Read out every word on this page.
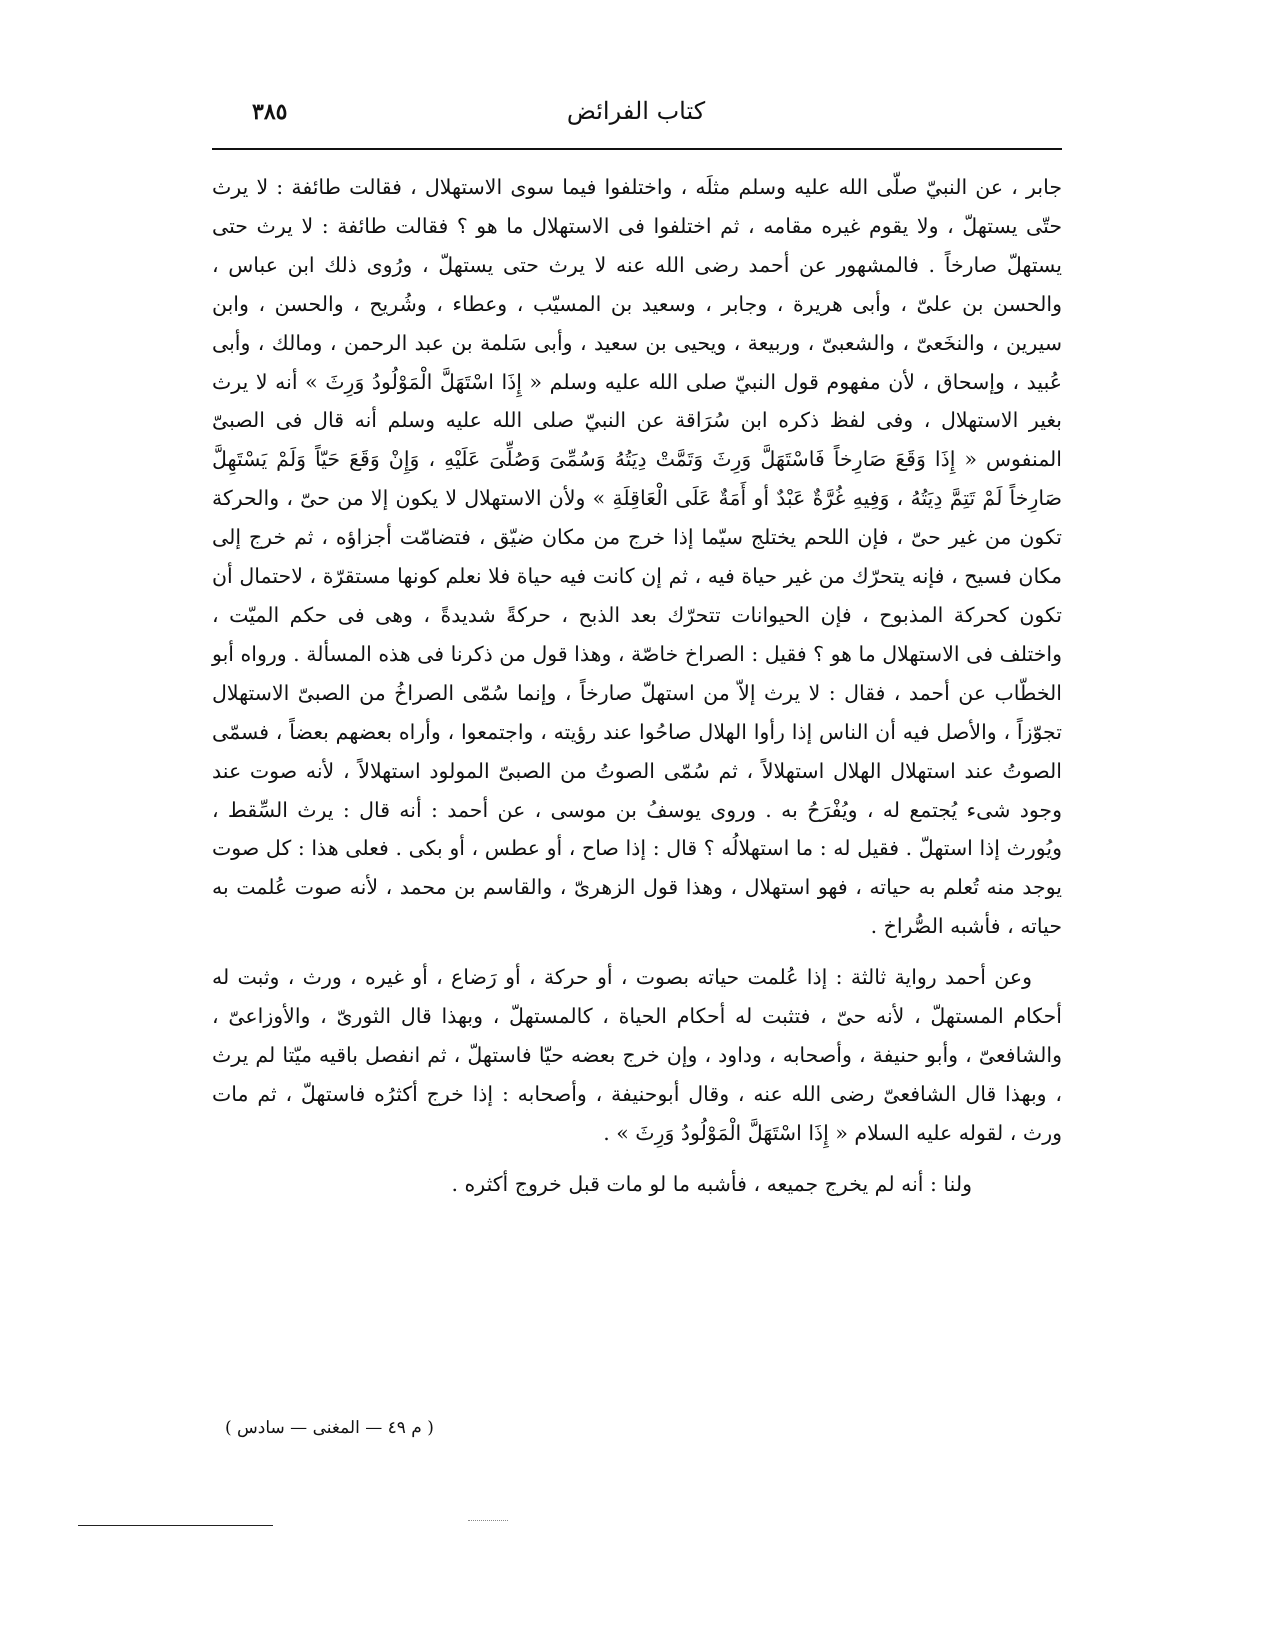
٣٨٥	كتاب الفرائض

جابر ، عن النبيّ صلّى الله عليه وسلم مثلَه ، واختلفوا فيما سوى الاستهلال ، فقالت طائفة : لا يرث حتّى يستهلّ ، ولا يقوم غيره مقامه ، ثم اختلفوا فى الاستهلال ما هو ؟ فقالت طائفة : لا يرث حتى يستهلّ صارخاً . فالمشهور عن أحمد رضى الله عنه لا يرث حتى يستهلّ ، ورُوى ذلك ابن عباس ، والحسن بن علىّ ، وأبى هريرة ، وجابر ، وسعيد بن المسيّب ، وعطاء ، وشُريح ، والحسن ، وابن سيرين ، والنخَعىّ ، والشعبىّ ، وربيعة ، ويحيى بن سعيد ، وأبى سَلمة بن عبد الرحمن ، ومالك ، وأبى عُبيد ، وإسحاق ، لأن مفهوم قول النبيّ صلى الله عليه وسلم « إِذَا اسْتَهَلَّ الْمَوْلُودُ وَرِثَ » أنه لا يرث بغير الاستهلال ، وفى لفظ ذكره ابن سُرَاقة عن النبيّ صلى الله عليه وسلم أنه قال فى الصبىّ المنفوس « إِذَا وَقَعَ صَارِخاً فَاسْتَهَلَّ وَرِثَ وَتَمَّتْ دِيَتُهُ وَسُمِّىَ وَصُلِّىَ عَلَيْهِ ، وَإِنْ وَقَعَ حَيّاً وَلَمْ يَسْتَهِلَّ صَارِخاً لَمْ تَتِمَّ دِيَتُهُ ، وَفِيهِ غُرَّةٌ عَبْدٌ أو أَمَةٌ عَلَى الْعَاقِلَةِ » ولأن الاستهلال لا يكون إلا من حىّ ، والحركة تكون من غير حىّ ، فإن اللحم يختلج سيّما إذا خرج من مكان ضيّق ، فتضامّت أجزاؤه ، ثم خرج إلى مكان فسيح ، فإنه يتحرّك من غير حياة فيه ، ثم إن كانت فيه حياة فلا نعلم كونها مستقرّة ، لاحتمال أن تكون كحركة المذبوح ، فإن الحيوانات تتحرّك بعد الذبح ، حركةً شديدةً ، وهى فى حكم الميّت ، واختلف فى الاستهلال ما هو ؟ فقيل : الصراخ خاصّة ، وهذا قول من ذكرنا فى هذه المسألة . ورواه أبو الخطّاب عن أحمد ، فقال : لا يرث إلاّ من استهلّ صارخاً ، وإنما سُمّى الصراخُ من الصبىّ الاستهلال تجوّزاً ، والأصل فيه أن الناس إذا رأوا الهلال صاحُوا عند رؤيته ، واجتمعوا ، وأراه بعضهم بعضاً ، فسمّى الصوتُ عند استهلال الهلال استهلالاً ، ثم سُمّى الصوتُ من الصبىّ المولود استهلالاً ، لأنه صوت عند وجود شىء يُجتمع له ، ويُفْرَحُ به . وروى يوسفُ بن موسى ، عن أحمد : أنه قال : يرث السِّقط ، ويُورث إذا استهلّ . فقيل له : ما استهلالُه ؟ قال : إذا صاح ، أو عطس ، أو بكى . فعلى هذا : كل صوت يوجد منه تُعلم به حياته ، فهو استهلال ، وهذا قول الزهرىّ ، والقاسم بن محمد ، لأنه صوت عُلمت به حياته ، فأشبه الصُّراخ .

وعن أحمد رواية ثالثة : إذا عُلمت حياته بصوت ، أو حركة ، أو رَضاع ، أو غيره ، ورث ، وثبت له أحكام المستهلّ ، لأنه حىّ ، فتثبت له أحكام الحياة ، كالمستهلّ ، وبهذا قال الثورىّ ، والأوزاعىّ ، والشافعىّ ، وأبو حنيفة ، وأصحابه ، وداود ، وإن خرج بعضه حيّا فاستهلّ ، ثم انفصل باقيه ميّتا لم يرث ، وبهذا قال الشافعىّ رضى الله عنه ، وقال أبوحنيفة ، وأصحابه : إذا خرج أكثرُه فاستهلّ ، ثم مات ورث ، لقوله عليه السلام « إِذَا اسْتَهَلَّ الْمَوْلُودُ وَرِثَ » .

ولنا : أنه لم يخرج جميعه ، فأشبه ما لو مات قبل خروج أكثره .

( م ٤٩ — المغنى — سادس )
